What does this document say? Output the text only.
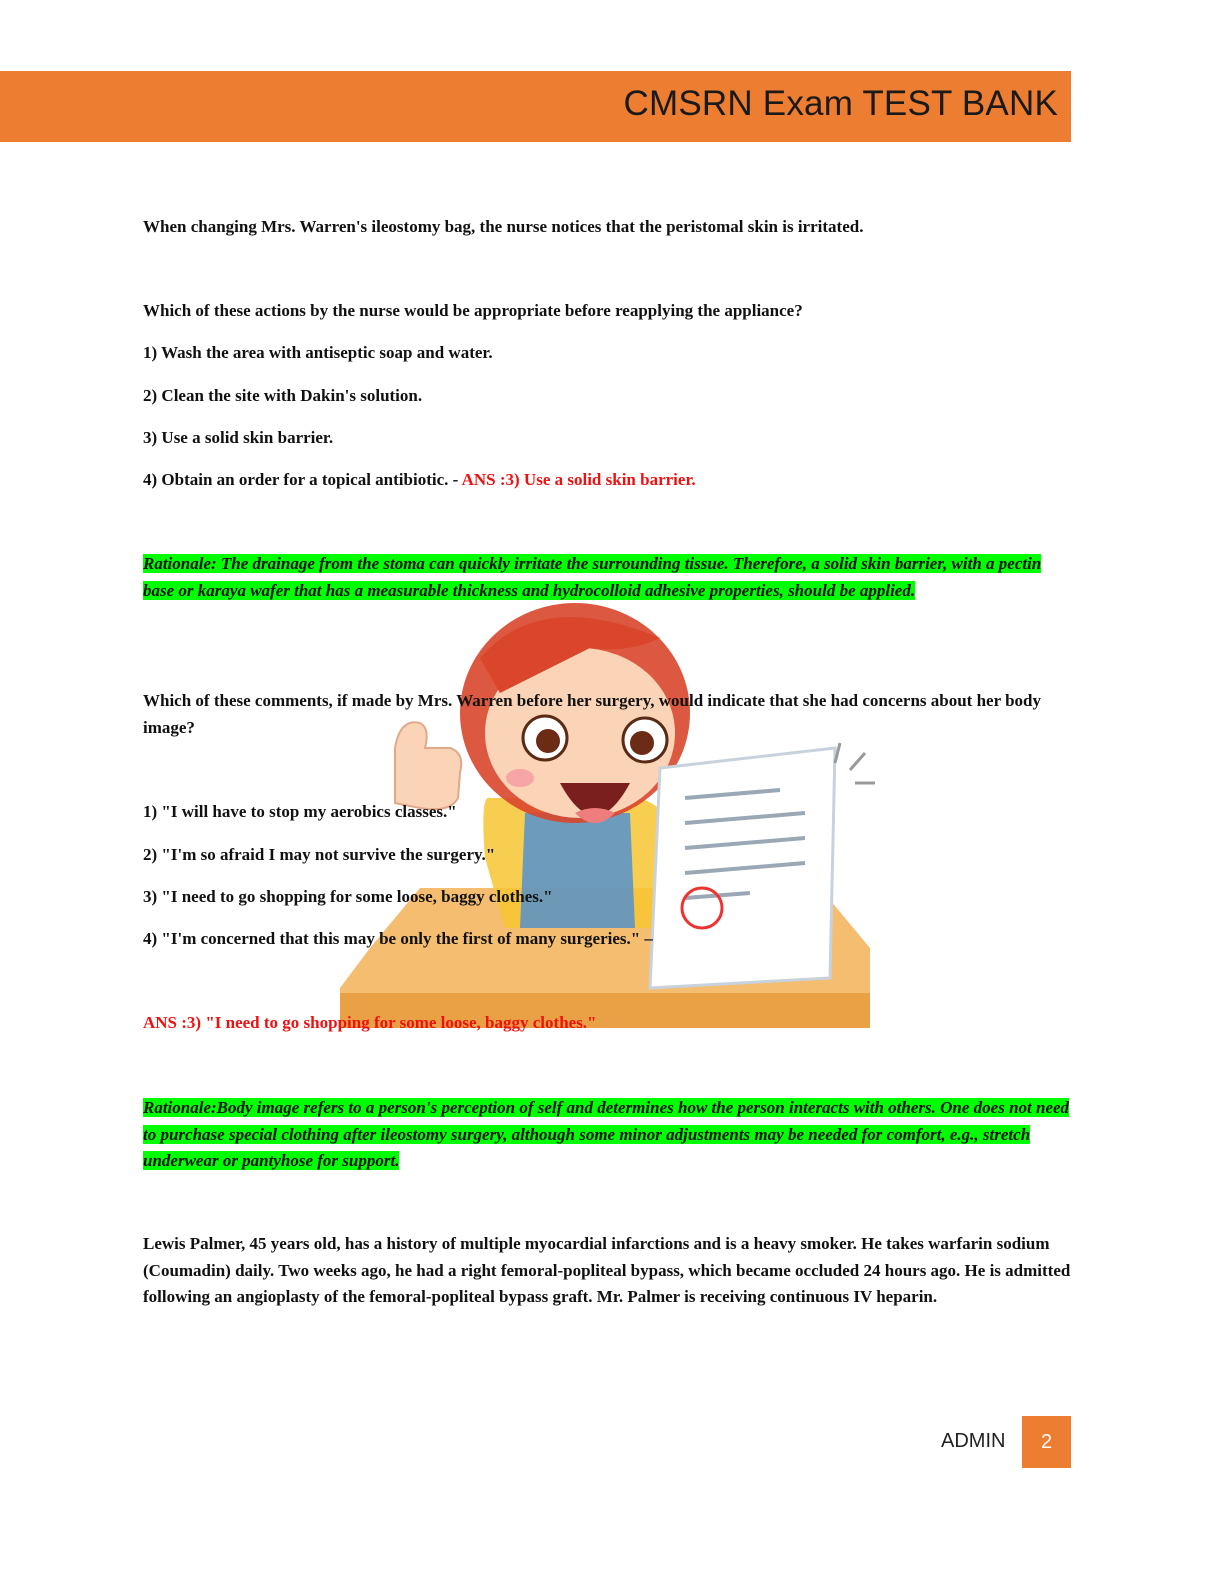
CMSRN Exam TEST BANK

When changing Mrs. Warren's ileostomy bag, the nurse notices that the peristomal skin is irritated.

Which of these actions by the nurse would be appropriate before reapplying the appliance?

1) Wash the area with antiseptic soap and water.

2) Clean the site with Dakin's solution.

3) Use a solid skin barrier.

4) Obtain an order for a topical antibiotic. - ANS :3) Use a solid skin barrier.

Rationale: The drainage from the stoma can quickly irritate the surrounding tissue. Therefore, a solid skin barrier, with a pectin base or karaya wafer that has a measurable thickness and hydrocolloid adhesive properties, should be applied.

Which of these comments, if made by Mrs. Warren before her surgery, would indicate that she had concerns about her body image?

1) "I will have to stop my aerobics classes."

2) "I'm so afraid I may not survive the surgery."

3) "I need to go shopping for some loose, baggy clothes."

4) "I'm concerned that this may be only the first of many surgeries." –

ANS :3) "I need to go shopping for some loose, baggy clothes."

Rationale:Body image refers to a person's perception of self and determines how the person interacts with others. One does not need to purchase special clothing after ileostomy surgery, although some minor adjustments may be needed for comfort, e.g., stretch underwear or pantyhose for support.

Lewis Palmer, 45 years old, has a history of multiple myocardial infarctions and is a heavy smoker. He takes warfarin sodium (Coumadin) daily. Two weeks ago, he had a right femoral-popliteal bypass, which became occluded 24 hours ago. He is admitted following an angioplasty of the femoral-popliteal bypass graft. Mr. Palmer is receiving continuous IV heparin.

ADMIN	2
